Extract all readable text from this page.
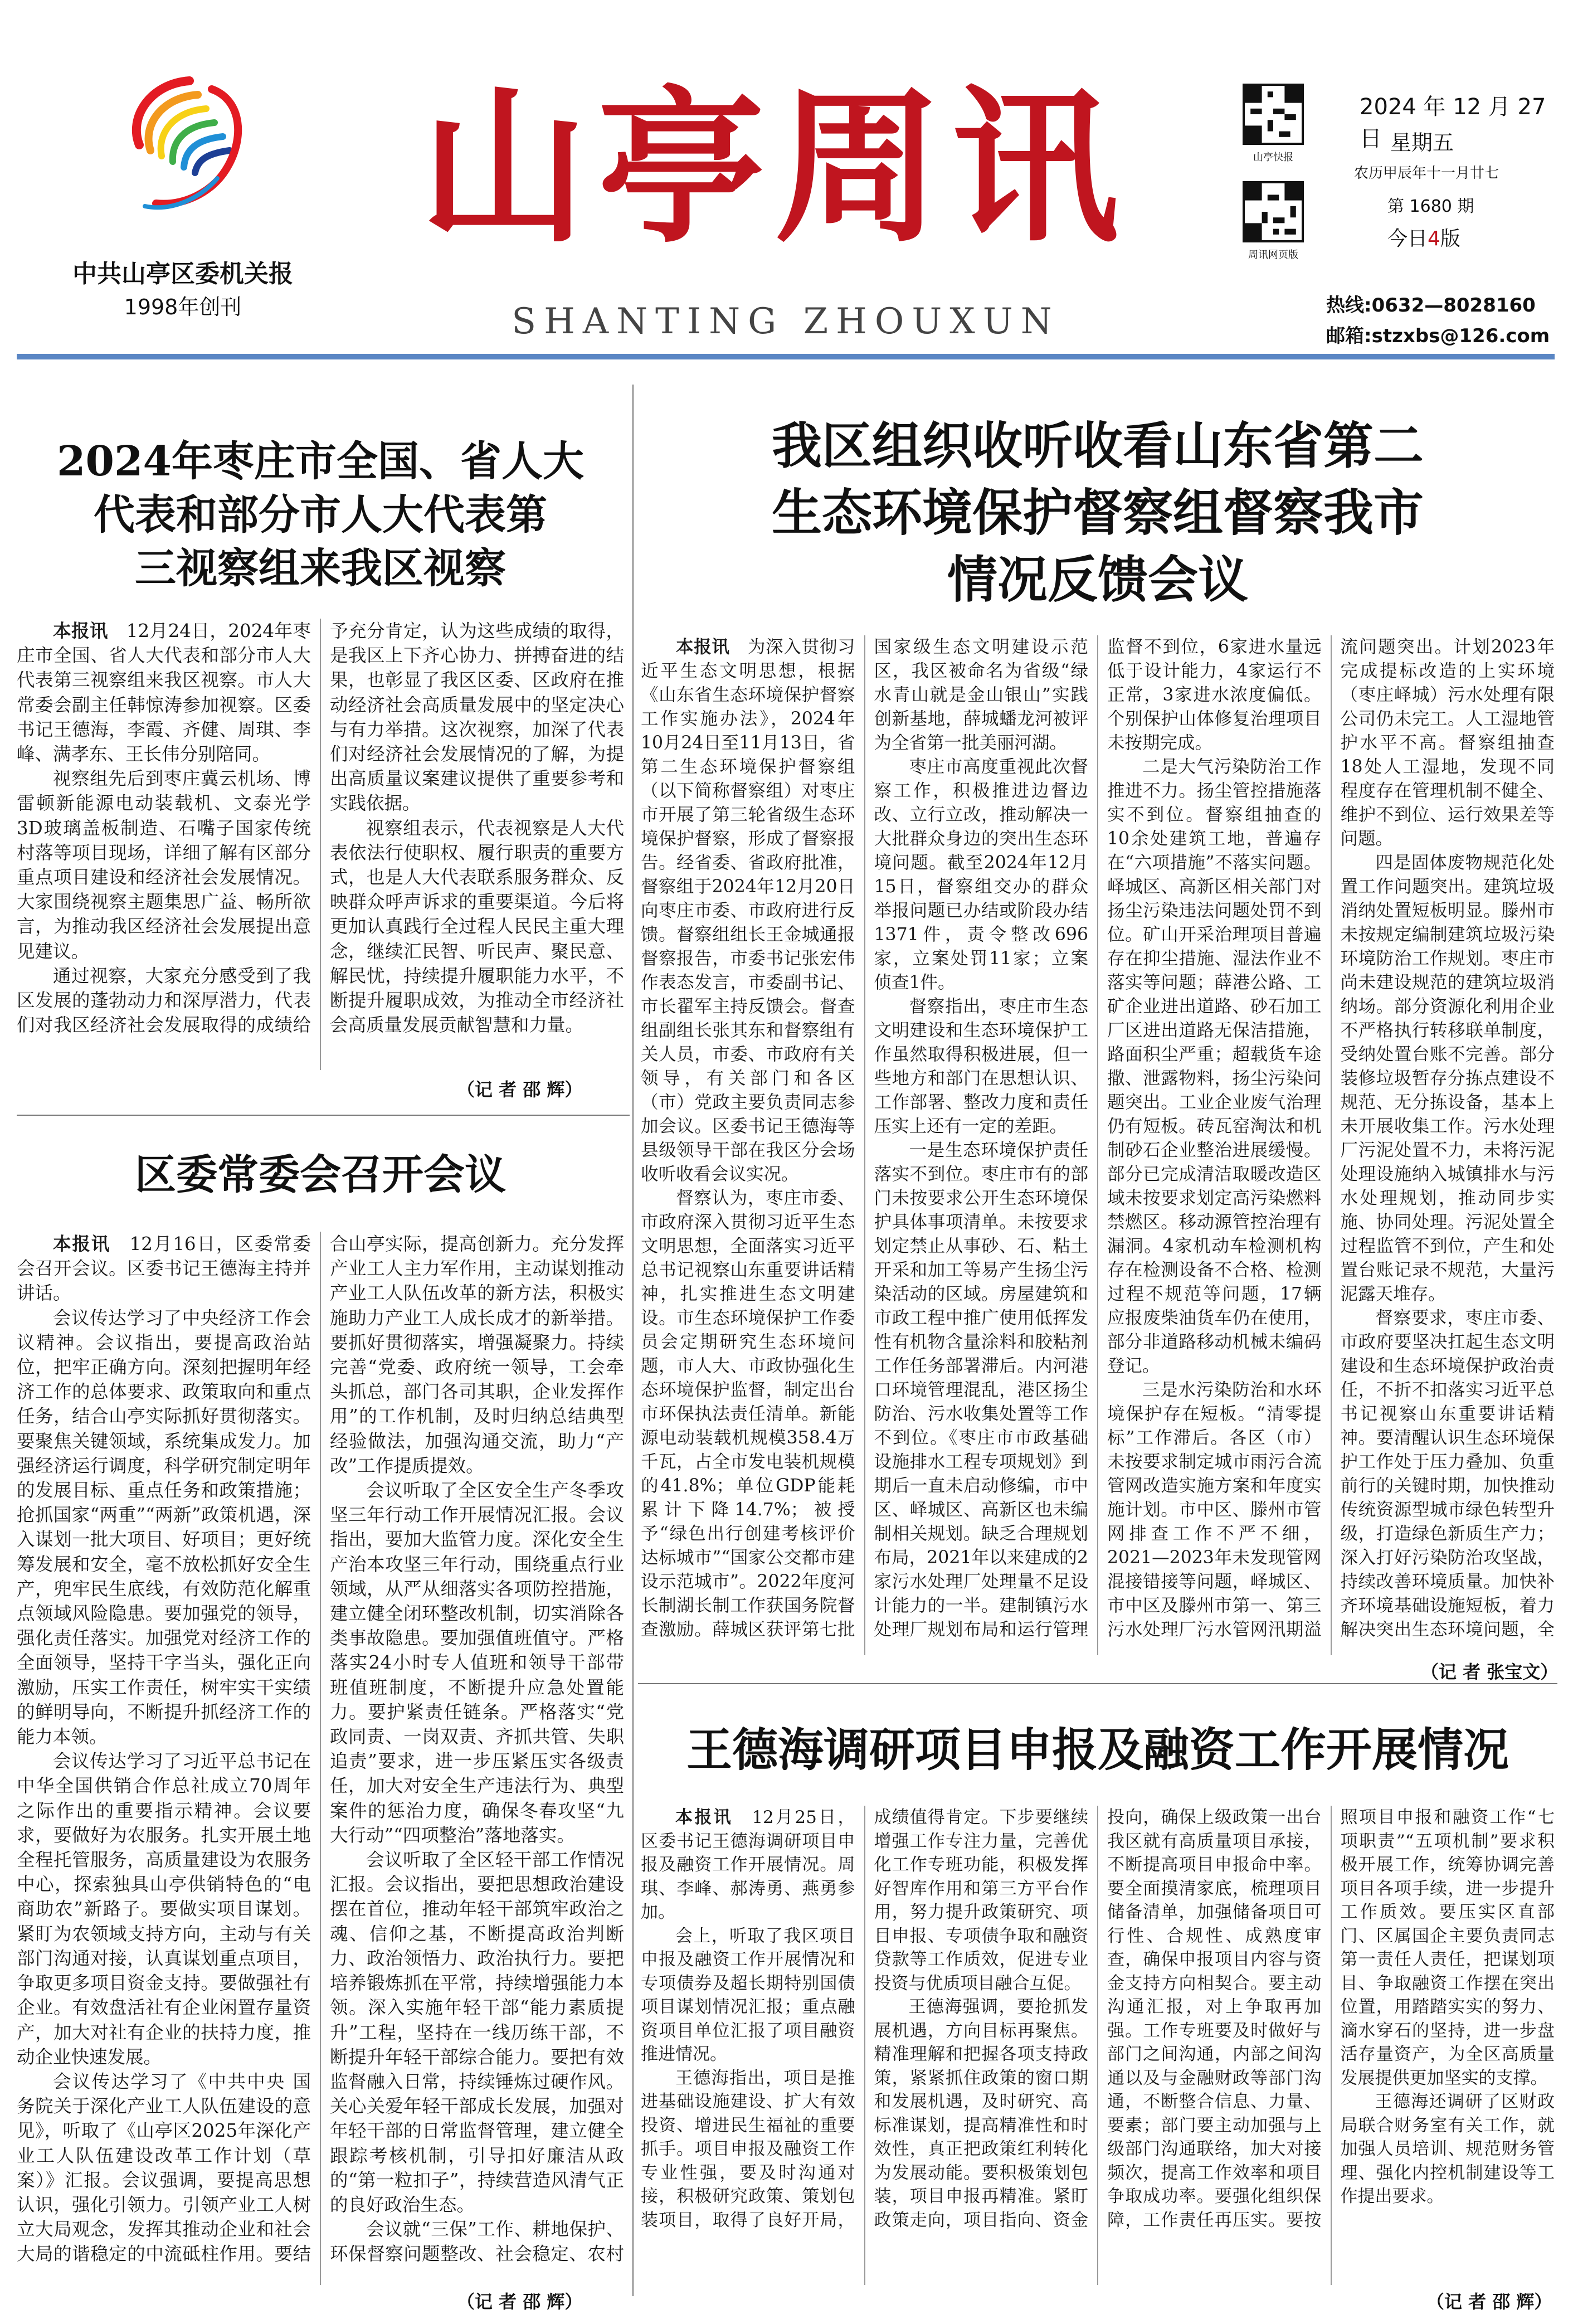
中共山亭区委机关报
1998年创刊
山亭周讯
SHANTING ZHOUXUN
山亭快报
周讯网页版
2024 年 12 月 27 日 星期五
农历甲辰年十一月廿七
第 1680 期
今日4版
热线:0632—8028160
邮箱:stzxbs@126.com
2024年枣庄市全国、省人大
代表和部分市人大代表第
三视察组来我区视察

本报讯　 12月24日，2024年枣庄市全国、省人大代表和部分市人大代表第三视察组来我区视察。市人大常委会副主任韩惊涛参加视察。区委书记王德海，李霞、齐健、周琪、李峰、满孝东、王长伟分别陪同。

视察组先后到枣庄冀云机场、博雷顿新能源电动装载机、文泰光学3D玻璃盖板制造、石嘴子国家传统村落等项目现场，详细了解有区部分重点项目建设和经济社会发展情况。大家围绕视察主题集思广益、畅所欲言，为推动我区经济社会发展提出意见建议。

通过视察，大家充分感受到了我区发展的蓬勃动力和深厚潜力，代表们对我区经济社会发展取得的成绩给予充分肯定，认为这些成绩的取得，是我区上下齐心协力、拼搏奋进的结果，也彰显了我区区委、区政府在推动经济社会高质量发展中的坚定决心与有力举措。这次视察，加深了代表们对经济社会发展情况的了解，为提出高质量议案建议提供了重要参考和实践依据。

视察组表示，代表视察是人大代表依法行使职权、履行职责的重要方式，也是人大代表联系服务群众、反映群众呼声诉求的重要渠道。今后将更加认真践行全过程人民民主重大理念，继续汇民智、听民声、聚民意、解民忧，持续提升履职能力水平，不断提升履职成效，为推动全市经济社会高质量发展贡献智慧和力量。

（记 者 邵 辉）
区委常委会召开会议

本报讯　 12月16日，区委常委会召开会议。区委书记王德海主持并讲话。

会议传达学习了中央经济工作会议精神。会议指出，要提高政治站位，把牢正确方向。深刻把握明年经济工作的总体要求、政策取向和重点任务，结合山亭实际抓好贯彻落实。要聚焦关键领域，系统集成发力。加强经济运行调度，科学研究制定明年的发展目标、重点任务和政策措施；抢抓国家“两重”“两新”政策机遇，深入谋划一批大项目、好项目；更好统筹发展和安全，毫不放松抓好安全生产，兜牢民生底线，有效防范化解重点领域风险隐患。要加强党的领导，强化责任落实。加强党对经济工作的全面领导，坚持干字当头，强化正向激励，压实工作责任，树牢实干实绩的鲜明导向，不断提升抓经济工作的能力本领。

会议传达学习了习近平总书记在中华全国供销合作总社成立70周年之际作出的重要指示精神。会议要求，要做好为农服务。扎实开展土地全程托管服务，高质量建设为农服务中心，探索独具山亭供销特色的“电商助农”新路子。要做实项目谋划。紧盯为农领域支持方向，主动与有关部门沟通对接，认真谋划重点项目，争取更多项目资金支持。要做强社有企业。有效盘活社有企业闲置存量资产，加大对社有企业的扶持力度，推动企业快速发展。

会议传达学习了《中共中央 国务院关于深化产业工人队伍建设的意见》，听取了《山亭区2025年深化产业工人队伍建设改革工作计划（草案）》汇报。会议强调，要提高思想认识，强化引领力。引领产业工人树立大局观念，发挥其推动企业和社会大局的谐稳定的中流砥柱作用。要结合山亭实际，提高创新力。充分发挥产业工人主力军作用，主动谋划推动产业工人队伍改革的新方法，积极实施助力产业工人成长成才的新举措。要抓好贯彻落实，增强凝聚力。持续完善“党委、政府统一领导，工会牵头抓总，部门各司其职，企业发挥作用”的工作机制，及时归纳总结典型经验做法，加强沟通交流，助力“产改”工作提质提效。

会议听取了全区安全生产冬季攻坚三年行动工作开展情况汇报。会议指出，要加大监管力度。深化安全生产治本攻坚三年行动，围绕重点行业领域，从严从细落实各项防控措施，建立健全闭环整改机制，切实消除各类事故隐患。要加强值班值守。严格落实24小时专人值班和领导干部带班值班制度，不断提升应急处置能力。要护紧责任链条。严格落实“党政同责、一岗双责、齐抓共管、失职追责”要求，进一步压紧压实各级责任，加大对安全生产违法行为、典型案件的惩治力度，确保冬春攻坚“九大行动”“四项整治”落地落实。

会议听取了全区轻干部工作情况汇报。会议指出，要把思想政治建设摆在首位，推动年轻干部筑牢政治之魂、信仰之基，不断提高政治判断力、政治领悟力、政治执行力。要把培养锻炼抓在平常，持续增强能力本领。深入实施年轻干部“能力素质提升”工程，坚持在一线历练干部，不断提升年轻干部综合能力。要把有效监督融入日常，持续锤炼过硬作风。关心关爱年轻干部成长发展，加强对年轻干部的日常监督管理，建立健全跟踪考核机制，引导扣好廉洁从政的“第一粒扣子”，持续营造风清气正的良好政治生态。

会议就“三保”工作、耕地保护、环保督察问题整改、社会稳定、农村

（记 者 邵 辉）
我区组织收听收看山东省第二
生态环境保护督察组督察我市
情况反馈会议

本报讯　 为深入贯彻习近平生态文明思想，根据《山东省生态环境保护督察工作实施办法》，2024年10月24日至11月13日，省第二生态环境保护督察组（以下简称督察组）对枣庄市开展了第三轮省级生态环境保护督察，形成了督察报告。经省委、省政府批准，督察组于2024年12月20日向枣庄市委、市政府进行反馈。督察组组长王金城通报督察报告，市委书记张宏伟作表态发言，市委副书记、市长翟军主持反馈会。督查组副组长张其东和督察组有关人员，市委、市政府有关领导，有关部门和各区（市）党政主要负责同志参加会议。区委书记王德海等县级领导干部在我区分会场收听收看会议实况。

督察认为，枣庄市委、市政府深入贯彻习近平生态文明思想，全面落实习近平总书记视察山东重要讲话精神，扎实推进生态文明建设。市生态环境保护工作委员会定期研究生态环境问题，市人大、市政协强化生态环境保护监督，制定出台市环保执法责任清单。新能源电动装载机规模358.4万千瓦，占全市发电装机规模的41.8%；单位GDP能耗累计下降14.7%；被授予“绿色出行创建考核评价达标城市”“国家公交都市建设示范城市”。2022年度河长制湖长制工作获国务院督查激励。薛城区获评第七批国家级生态文明建设示范区，我区被命名为省级“绿水青山就是金山银山”实践创新基地，薛城蟠龙河被评为全省第一批美丽河湖。

枣庄市高度重视此次督察工作，积极推进边督边改、立行立改，推动解决一大批群众身边的突出生态环境问题。截至2024年12月15日，督察组交办的群众举报问题已办结或阶段办结1371件，责令整改696家，立案处罚11家；立案侦查1件。

督察指出，枣庄市生态文明建设和生态环境保护工作虽然取得积极进展，但一些地方和部门在思想认识、工作部署、整改力度和责任压实上还有一定的差距。

一是生态环境保护责任落实不到位。枣庄市有的部门未按要求公开生态环境保护具体事项清单。未按要求划定禁止从事砂、石、粘土开采和加工等易产生扬尘污染活动的区域。房屋建筑和市政工程中推广使用低挥发性有机物含量涂料和胶粘剂工作任务部署滞后。内河港口环境管理混乱，港区扬尘防治、污水收集处置等工作不到位。《枣庄市市政基础设施排水工程专项规划》到期后一直未启动修编，市中区、峄城区、高新区也未编制相关规划。缺乏合理规划布局，2021年以来建成的2家污水处理厂处理量不足设计能力的一半。建制镇污水处理厂规划布局和运行管理监督不到位，6家进水量远低于设计能力，4家运行不正常，3家进水浓度偏低。个别保护山体修复治理项目未按期完成。

二是大气污染防治工作推进不力。扬尘管控措施落实不到位。督察组抽查的10余处建筑工地，普遍存在“六项措施”不落实问题。峄城区、高新区相关部门对扬尘污染违法问题处罚不到位。矿山开采治理项目普遍存在抑尘措施、湿法作业不落实等问题；薛港公路、工矿企业进出道路、砂石加工厂区进出道路无保洁措施，路面积尘严重；超载货车途撒、泄露物料，扬尘污染问题突出。工业企业废气治理仍有短板。砖瓦窑淘汰和机制砂石企业整治进展缓慢。部分已完成清洁取暖改造区域未按要求划定高污染燃料禁燃区。移动源管控治理有漏洞。4家机动车检测机构存在检测设备不合格、检测过程不规范等问题，17辆应报废柴油货车仍在使用，部分非道路移动机械未编码登记。

三是水污染防治和水环境保护存在短板。“清零提标”工作滞后。各区（市）未按要求制定城市雨污合流管网改造实施方案和年度实施计划。市中区、滕州市管网排查工作不严不细，2021—2023年未发现管网混接错接等问题，峄城区、市中区及滕州市第一、第三污水处理厂污水管网汛期溢流问题突出。计划2023年完成提标改造的上实环境（枣庄峄城）污水处理有限公司仍未完工。人工湿地管护水平不高。督察组抽查18处人工湿地，发现不同程度存在管理机制不健全、维护不到位、运行效果差等问题。

四是固体废物规范化处置工作问题突出。建筑垃圾消纳处置短板明显。滕州市未按规定编制建筑垃圾污染环境防治工作规划。枣庄市尚未建设规范的建筑垃圾消纳场。部分资源化利用企业不严格执行转移联单制度，受纳处置台账不完善。部分装修垃圾暂存分拣点建设不规范、无分拣设备，基本上未开展收集工作。污水处理厂污泥处置不力，未将污泥处理设施纳入城镇排水与污水处理规划，推动同步实施、协同处理。污泥处置全过程监管不到位，产生和处置台账记录不规范，大量污泥露天堆存。

督察要求，枣庄市委、市政府要坚决扛起生态文明建设和生态环境保护政治责任，不折不扣落实习近平总书记视察山东重要讲话精神。要清醒认识生态环境保护工作处于压力叠加、负重前行的关键时期，加快推动传统资源型城市绿色转型升级，打造绿色新质生产力；深入打好污染防治攻坚战，持续改善环境质量。加快补齐环境基础设施短板，着力解决突出生态环境问题，全

（记 者 张宝文）
王德海调研项目申报及融资工作开展情况

本报讯　 12月25日，区委书记王德海调研项目申报及融资工作开展情况。周琪、李峰、郝涛勇、燕勇参加。

会上，听取了我区项目申报及融资工作开展情况和专项债券及超长期特别国债项目谋划情况汇报；重点融资项目单位汇报了项目融资推进情况。

王德海指出，项目是推进基础设施建设、扩大有效投资、增进民生福祉的重要抓手。项目申报及融资工作专业性强，要及时沟通对接，积极研究政策、策划包装项目，取得了良好开局，成绩值得肯定。下步要继续增强工作专注力量，完善优化工作专班功能，积极发挥好智库作用和第三方平台作用，努力提升政策研究、项目申报、专项债争取和融资贷款等工作质效，促进专业投资与优质项目融合互促。

王德海强调，要抢抓发展机遇，方向目标再聚焦。精准理解和把握各项支持政策，紧紧抓住政策的窗口期和发展机遇，及时研究、高标准谋划，提高精准性和时效性，真正把政策红利转化为发展动能。要积极策划包装，项目申报再精准。紧盯政策走向，项目指向、资金投向，确保上级政策一出台我区就有高质量项目承接，不断提高项目申报命中率。要全面摸清家底，梳理项目储备清单，加强储备项目可行性、合规性、成熟度审查，确保申报项目内容与资金支持方向相契合。要主动沟通汇报，对上争取再加强。工作专班要及时做好与部门之间沟通，内部之间沟通以及与金融财政等部门沟通，不断整合信息、力量、要素；部门要主动加强与上级部门沟通联络，加大对接频次，提高工作效率和项目争取成功率。要强化组织保障，工作责任再压实。要按照项目申报和融资工作“七项职责”“五项机制”要求积极开展工作，统筹协调完善项目各项手续，进一步提升工作质效。要压实区直部门、区属国企主要负责同志第一责任人责任，把谋划项目、争取融资工作摆在突出位置，用踏踏实实的努力、滴水穿石的坚持，进一步盘活存量资产，为全区高质量发展提供更加坚实的支撑。

王德海还调研了区财政局联合财务室有关工作，就加强人员培训、规范财务管理、强化内控机制建设等工作提出要求。

（记 者 邵 辉）
